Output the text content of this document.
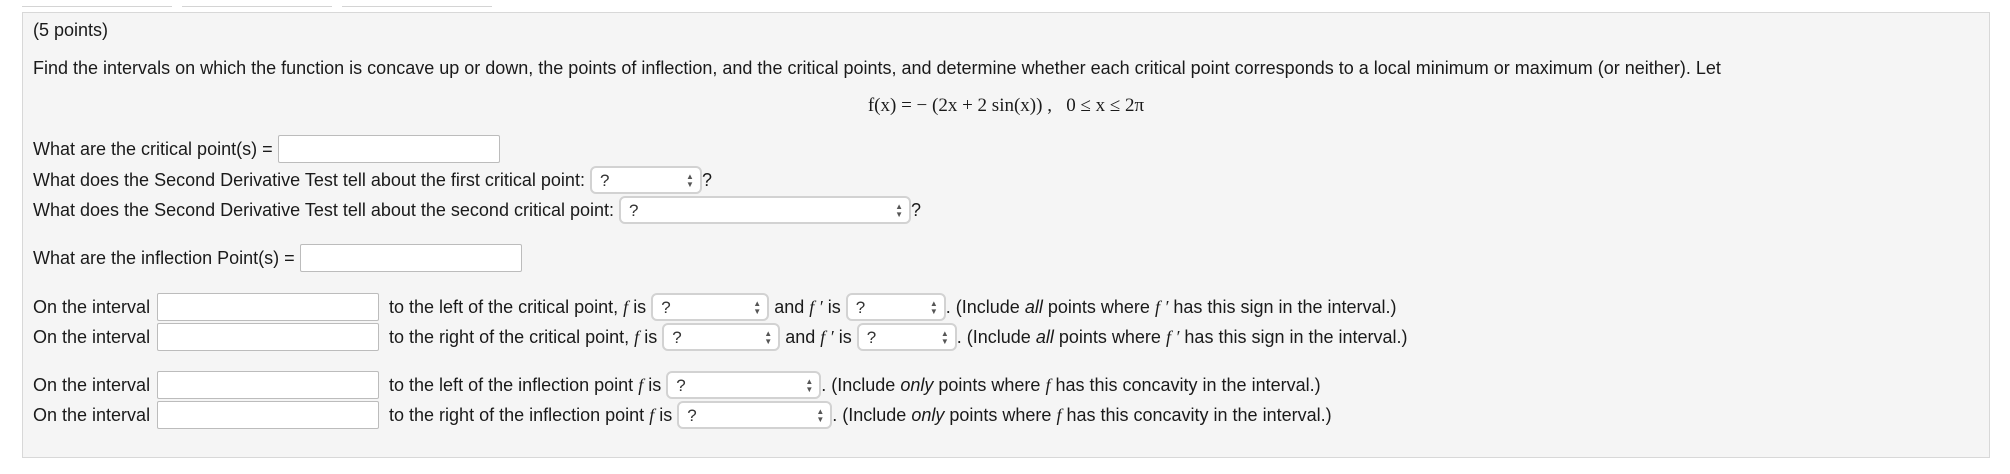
(5 points)
Find the intervals on which the function is concave up or down, the points of inflection, and the critical points, and determine whether each critical point corresponds to a local minimum or maximum (or neither). Let
f(x) = − (2x + 2 sin(x)) , 0 ≤ x ≤ 2π
What are the critical point(s) =
What does the Second Derivative Test tell about the first critical point: ?	▲
▼ ?
What does the Second Derivative Test tell about the second critical point: ?	▲
▼ ?
What are the inflection Point(s) =
On the interval	to the left of the critical point, f is ?	▲
▼ and f ′ is ?	▲
▼ . (Include all points where f ′ has this sign in the interval.)
On the interval	to the right of the critical point, f is ?	▲
▼ and f ′ is ?	▲
▼ . (Include all points where f ′ has this sign in the interval.)
On the interval	to the left of the inflection point f is ?	▲
▼ . (Include only points where f has this concavity in the interval.)
On the interval	to the right of the inflection point f is ?	▲
▼ . (Include only points where f has this concavity in the interval.)
